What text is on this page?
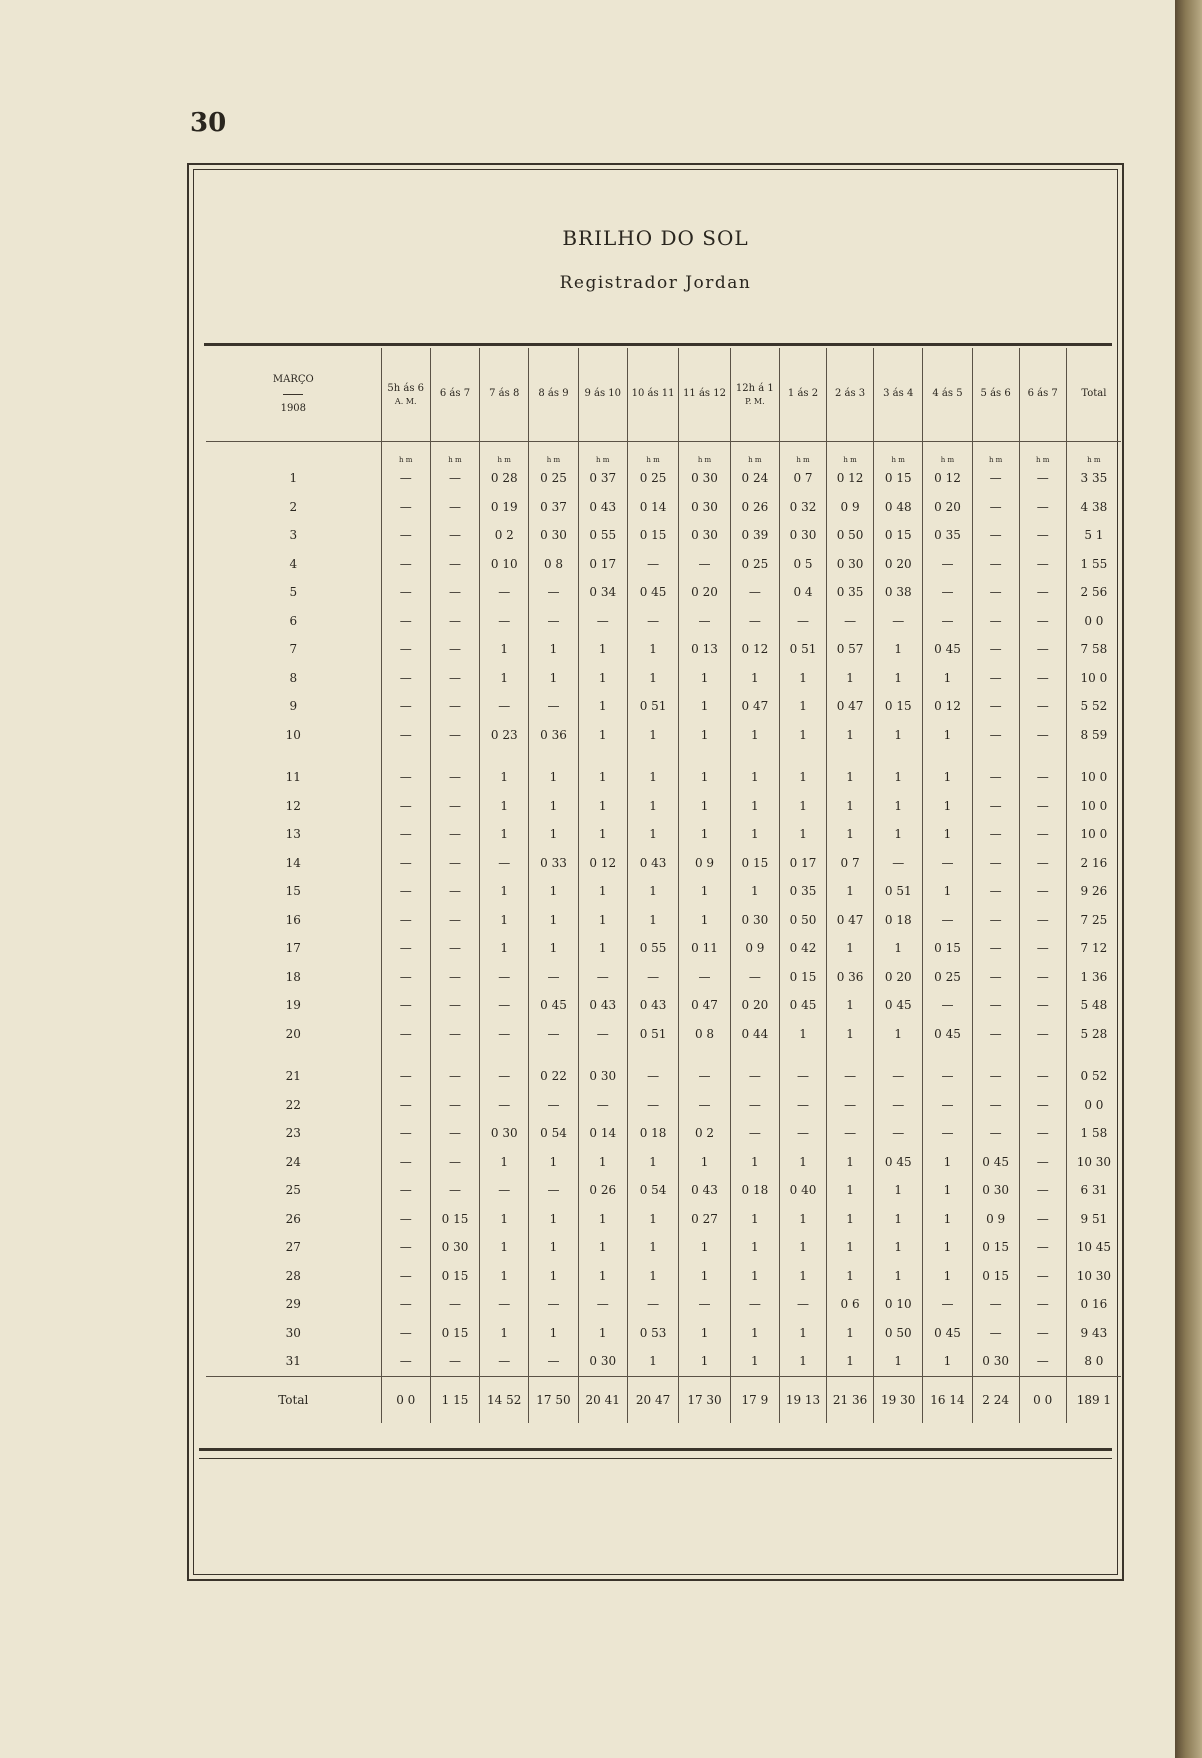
30
BRILHO DO SOL
Registrador Jordan
MARÇO
1908	5h ás 6
A. M.	6 ás 7	7 ás 8	8 ás 9	9 ás 10	10 ás 11	11 ás 12	12h á 1
P. M.	1 ás 2	2 ás 3	3 ás 4	4 ás 5	5 ás 6	6 ás 7	Total

	h m	h m	h m	h m	h m	h m	h m	h m	h m	h m	h m	h m	h m	h m	h m
1	—	—	0 28	0 25	0 37	0 25	0 30	0 24	0 7	0 12	0 15	0 12	—	—	3 35
2	—	—	0 19	0 37	0 43	0 14	0 30	0 26	0 32	0 9	0 48	0 20	—	—	4 38
3	—	—	0 2	0 30	0 55	0 15	0 30	0 39	0 30	0 50	0 15	0 35	—	—	5 1
4	—	—	0 10	0 8	0 17	—	—	0 25	0 5	0 30	0 20	—	—	—	1 55
5	—	—	—	—	0 34	0 45	0 20	—	0 4	0 35	0 38	—	—	—	2 56
6	—	—	—	—	—	—	—	—	—	—	—	—	—	—	0 0
7	—	—	1	1	1	1	0 13	0 12	0 51	0 57	1	0 45	—	—	7 58
8	—	—	1	1	1	1	1	1	1	1	1	1	—	—	10 0
9	—	—	—	—	1	0 51	1	0 47	1	0 47	0 15	0 12	—	—	5 52
10	—	—	0 23	0 36	1	1	1	1	1	1	1	1	—	—	8 59

11	—	—	1	1	1	1	1	1	1	1	1	1	—	—	10 0
12	—	—	1	1	1	1	1	1	1	1	1	1	—	—	10 0
13	—	—	1	1	1	1	1	1	1	1	1	1	—	—	10 0
14	—	—	—	0 33	0 12	0 43	0 9	0 15	0 17	0 7	—	—	—	—	2 16
15	—	—	1	1	1	1	1	1	0 35	1	0 51	1	—	—	9 26
16	—	—	1	1	1	1	1	0 30	0 50	0 47	0 18	—	—	—	7 25
17	—	—	1	1	1	0 55	0 11	0 9	0 42	1	1	0 15	—	—	7 12
18	—	—	—	—	—	—	—	—	0 15	0 36	0 20	0 25	—	—	1 36
19	—	—	—	0 45	0 43	0 43	0 47	0 20	0 45	1	0 45	—	—	—	5 48
20	—	—	—	—	—	0 51	0 8	0 44	1	1	1	0 45	—	—	5 28

21	—	—	—	0 22	0 30	—	—	—	—	—	—	—	—	—	0 52
22	—	—	—	—	—	—	—	—	—	—	—	—	—	—	0 0
23	—	—	0 30	0 54	0 14	0 18	0 2	—	—	—	—	—	—	—	1 58
24	—	—	1	1	1	1	1	1	1	1	0 45	1	0 45	—	10 30
25	—	—	—	—	0 26	0 54	0 43	0 18	0 40	1	1	1	0 30	—	6 31
26	—	0 15	1	1	1	1	0 27	1	1	1	1	1	0 9	—	9 51
27	—	0 30	1	1	1	1	1	1	1	1	1	1	0 15	—	10 45
28	—	0 15	1	1	1	1	1	1	1	1	1	1	0 15	—	10 30
29	—	—	—	—	—	—	—	—	—	0 6	0 10	—	—	—	0 16
30	—	0 15	1	1	1	0 53	1	1	1	1	0 50	0 45	—	—	9 43
31	—	—	—	—	0 30	1	1	1	1	1	1	1	0 30	—	8 0
Total	0 0	1 15	14 52	17 50	20 41	20 47	17 30	17 9	19 13	21 36	19 30	16 14	2 24	0 0	189 1
